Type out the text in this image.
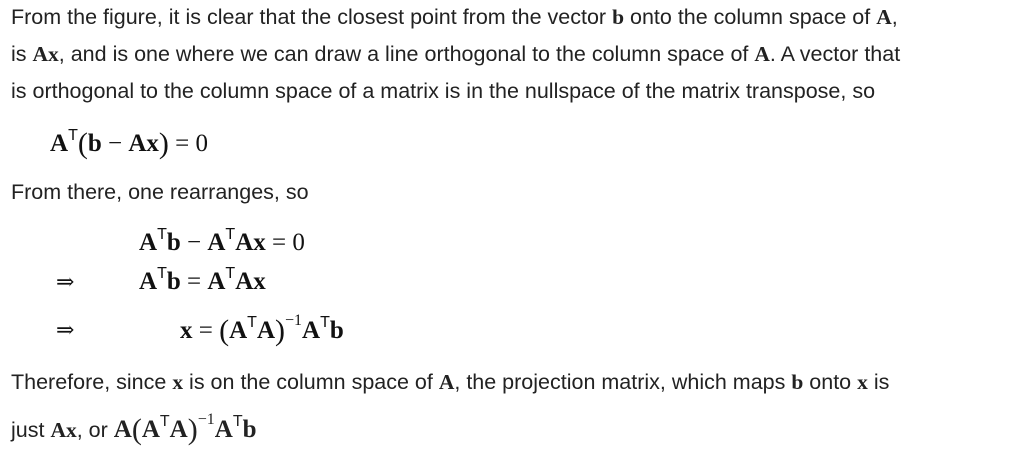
From the figure, it is clear that the closest point from the vector b onto the column space of A,
is Ax, and is one where we can draw a line orthogonal to the column space of A. A vector that
is orthogonal to the column space of a matrix is in the nullspace of the matrix transpose, so
$A^T(b - Ax) = 0$
From there, one rearranges, so
$A^Tb - A^TAx = 0$
⇒	$A^Tb = A^TAx$
⇒	$x = (A^TA)^{-1}A^Tb$
Therefore, since x is on the column space of A, the projection matrix, which maps b onto x is
just Ax, or $A(A^TA)^{-1}A^Tb$
